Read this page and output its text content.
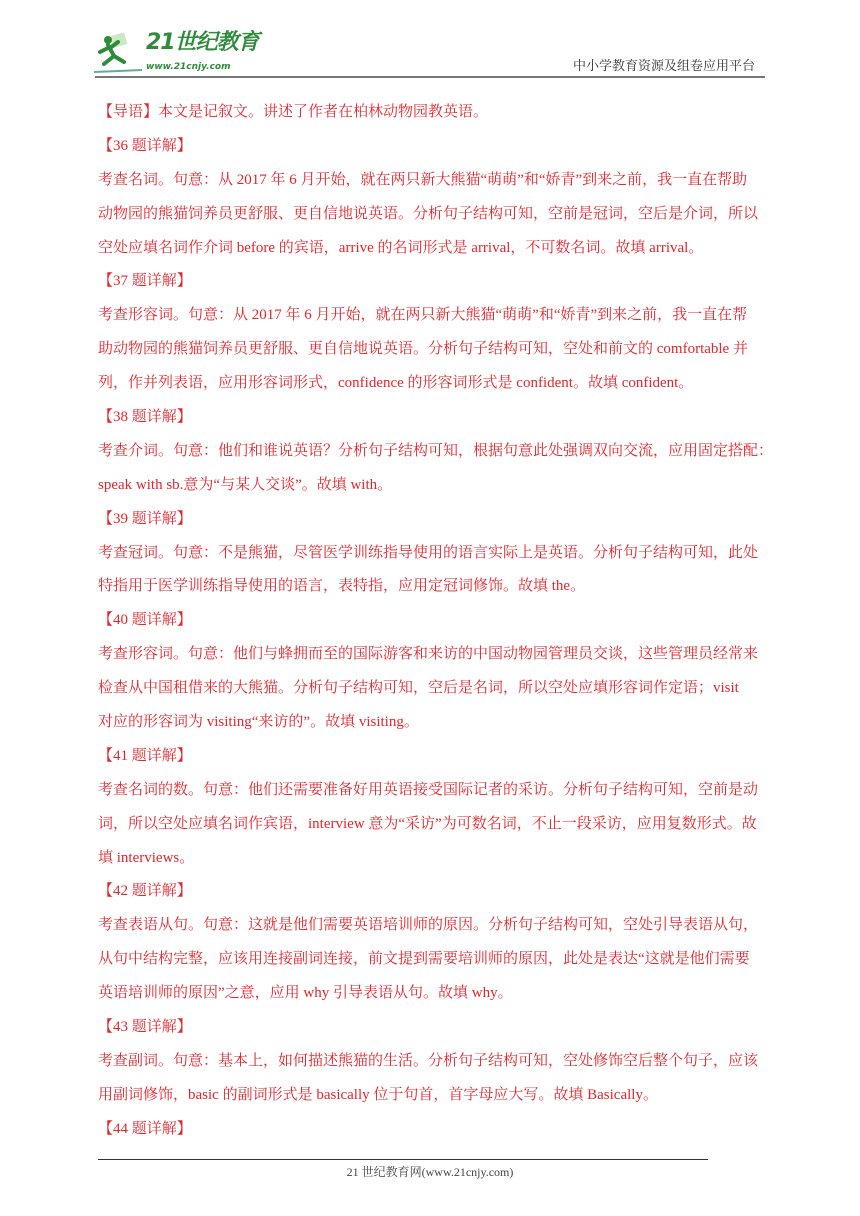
21世纪教育
www.21cnjy.com	中小学教育资源及组卷应用平台
【导语】本文是记叙文。讲述了作者在柏林动物园教英语。
【36 题详解】
考查名词。句意：从 2017 年 6 月开始，就在两只新大熊猫“萌萌”和“娇青”到来之前，我一直在帮助
动物园的熊猫饲养员更舒服、更自信地说英语。分析句子结构可知，空前是冠词，空后是介词，所以
空处应填名词作介词 before 的宾语，arrive 的名词形式是 arrival，不可数名词。故填 arrival。
【37 题详解】
考查形容词。句意：从 2017 年 6 月开始，就在两只新大熊猫“萌萌”和“娇青”到来之前，我一直在帮
助动物园的熊猫饲养员更舒服、更自信地说英语。分析句子结构可知，空处和前文的 comfortable 并
列，作并列表语，应用形容词形式，confidence 的形容词形式是 confident。故填 confident。
【38 题详解】
考查介词。句意：他们和谁说英语？分析句子结构可知，根据句意此处强调双向交流，应用固定搭配：
speak with sb.意为“与某人交谈”。故填 with。
【39 题详解】
考查冠词。句意：不是熊猫，尽管医学训练指导使用的语言实际上是英语。分析句子结构可知，此处
特指用于医学训练指导使用的语言，表特指，应用定冠词修饰。故填 the。
【40 题详解】
考查形容词。句意：他们与蜂拥而至的国际游客和来访的中国动物园管理员交谈，这些管理员经常来
检查从中国租借来的大熊猫。分析句子结构可知，空后是名词，所以空处应填形容词作定语；visit
对应的形容词为 visiting“来访的”。故填 visiting。
【41 题详解】
考查名词的数。句意：他们还需要准备好用英语接受国际记者的采访。分析句子结构可知，空前是动
词，所以空处应填名词作宾语，interview 意为“采访”为可数名词，不止一段采访，应用复数形式。故
填 interviews。
【42 题详解】
考查表语从句。句意：这就是他们需要英语培训师的原因。分析句子结构可知，空处引导表语从句，
从句中结构完整，应该用连接副词连接，前文提到需要培训师的原因，此处是表达“这就是他们需要
英语培训师的原因”之意，应用 why 引导表语从句。故填 why。
【43 题详解】
考查副词。句意：基本上，如何描述熊猫的生活。分析句子结构可知，空处修饰空后整个句子，应该
用副词修饰，basic 的副词形式是 basically 位于句首，首字母应大写。故填 Basically。
【44 题详解】
21 世纪教育网(www.21cnjy.com)
